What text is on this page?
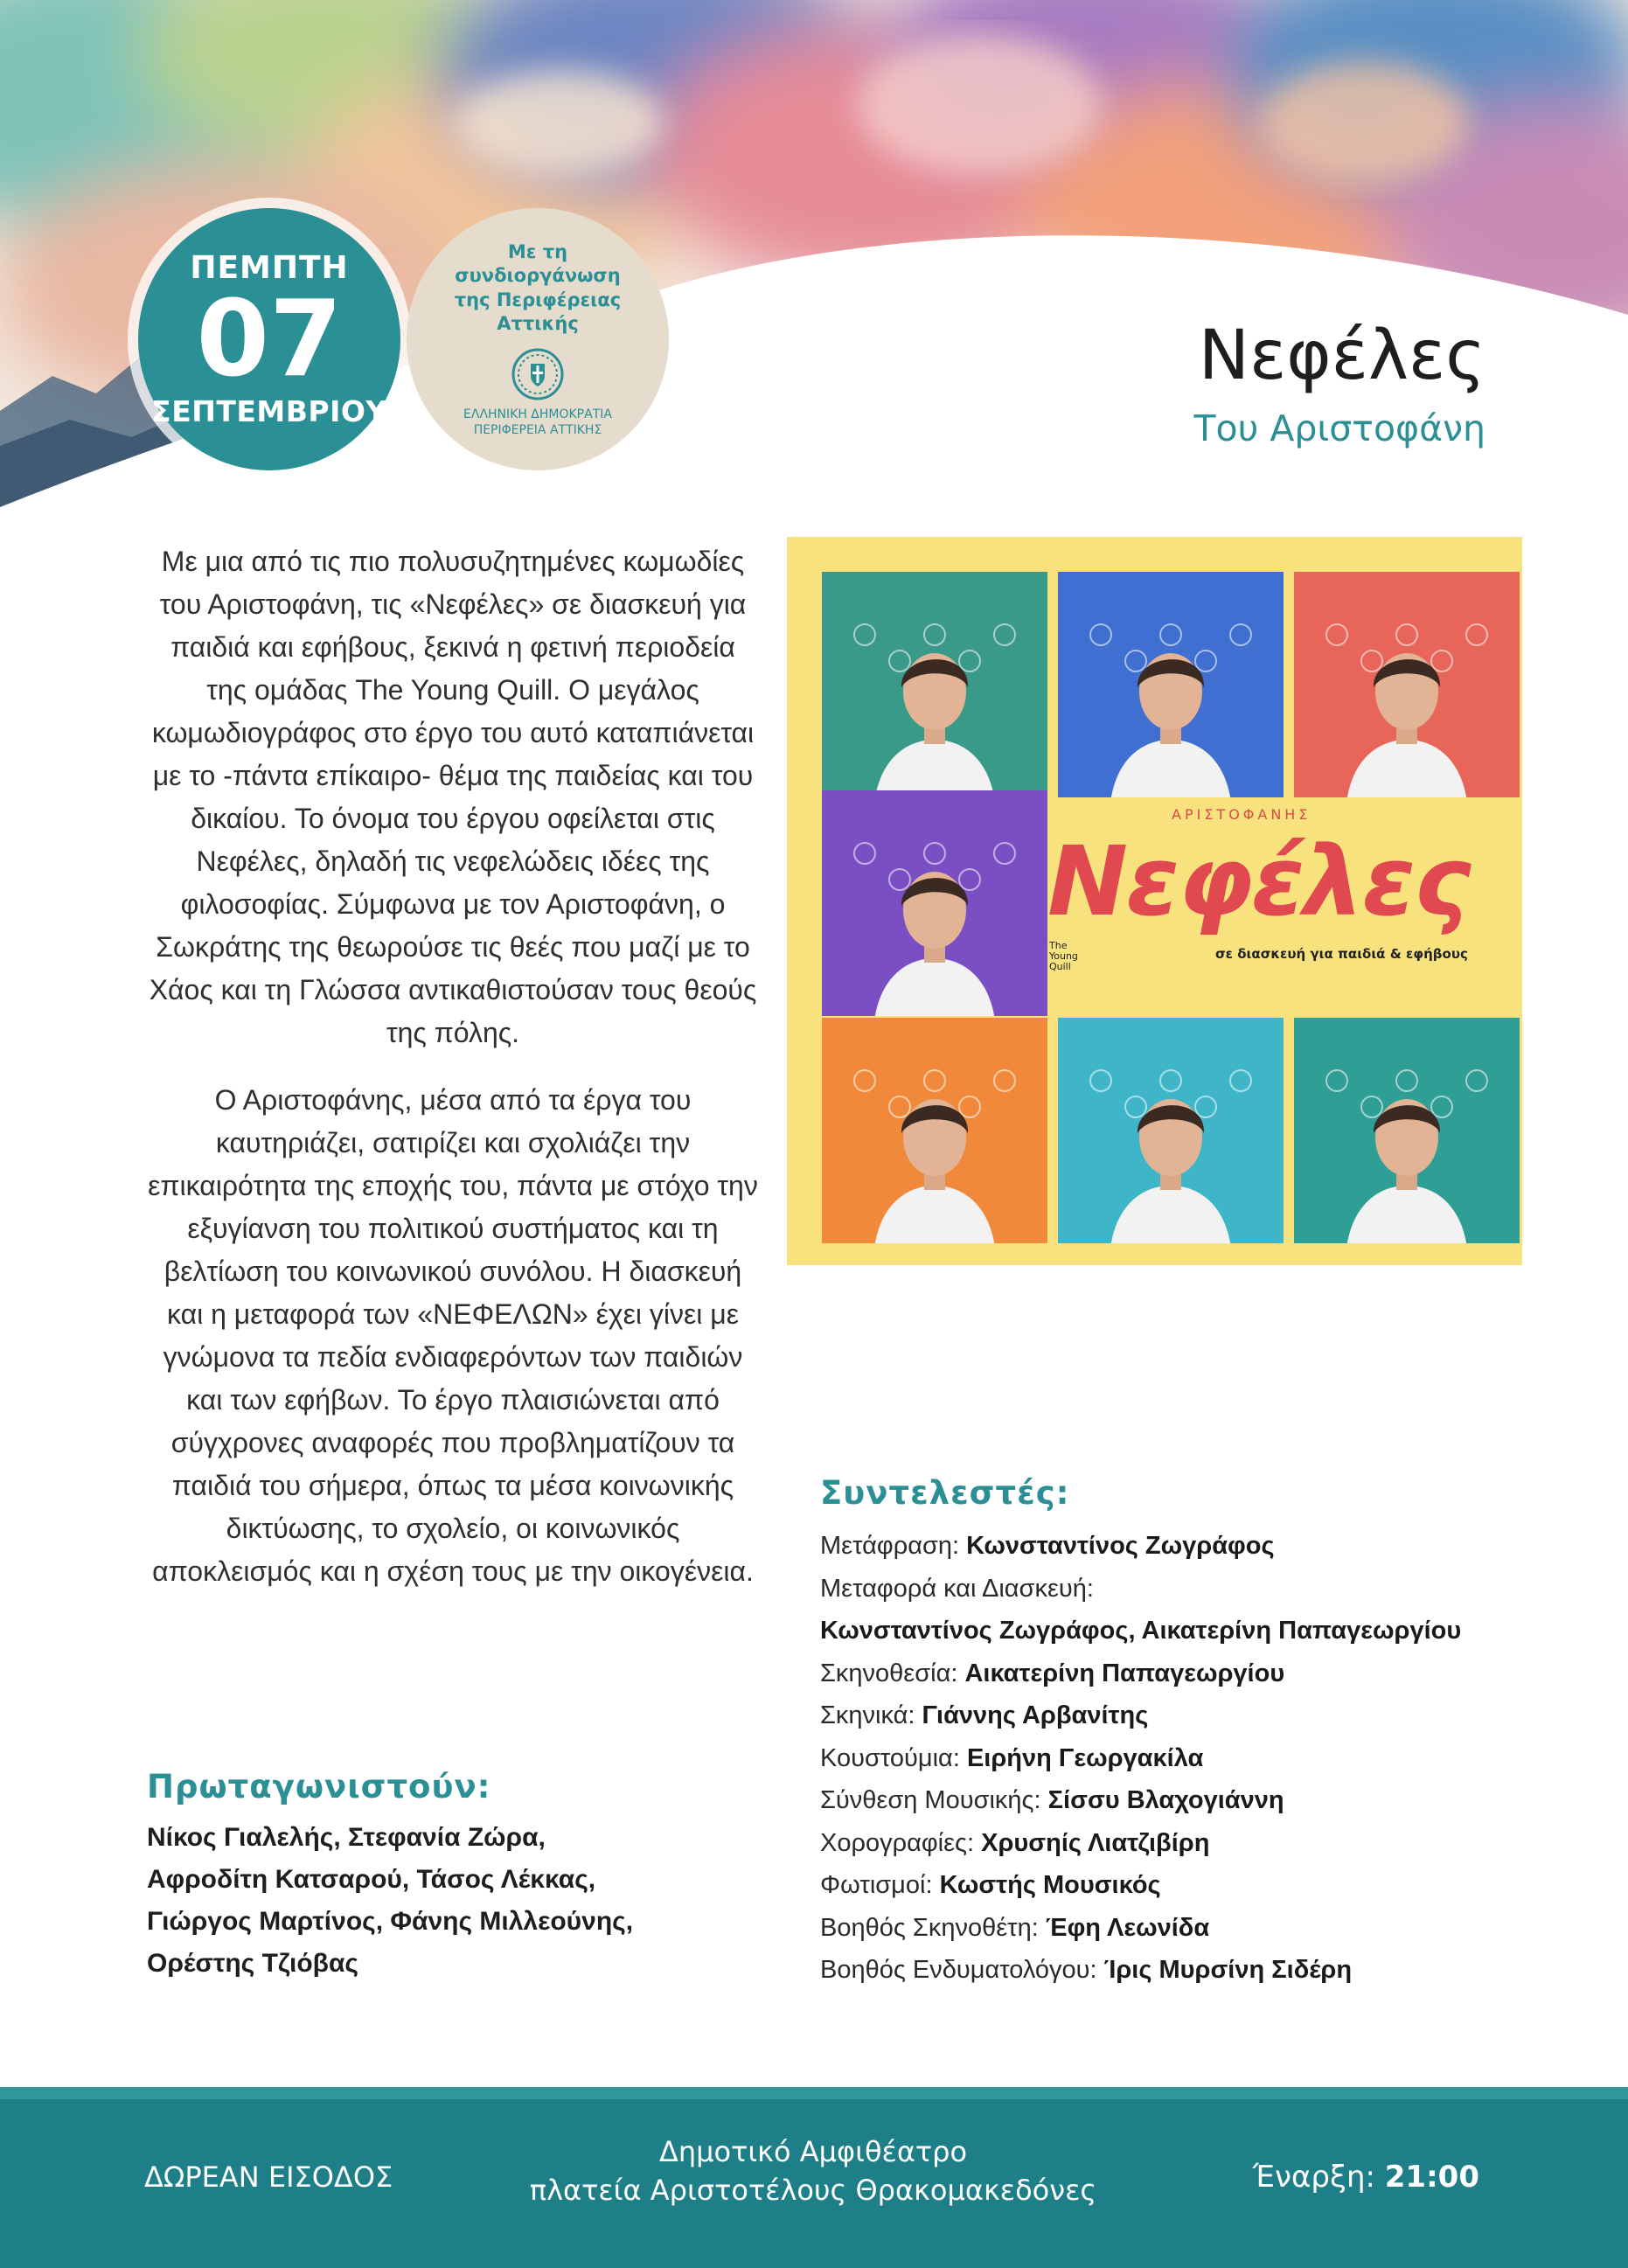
ΠΕΜΠΤΗ
07
ΣΕΠΤΕΜΒΡΙΟΥ
Με τη συνδιοργάνωση της Περιφέρειας Αττικής
ΕΛΛΗΝΙΚΗ ΔΗΜΟΚΡΑΤΙΑ
ΠΕΡΙΦΕΡΕΙΑ ΑΤΤΙΚΗΣ
Νεφέλες
Του Αριστοφάνη

Με μια από τις πιο πολυσυζητημένες κωμωδίες του Αριστοφάνη, τις «Νεφέλες» σε διασκευή για παιδιά και εφήβους, ξεκινά η φετινή περιοδεία της ομάδας The Young Quill. Ο μεγάλος κωμωδιογράφος στο έργο του αυτό καταπιάνεται με το -πάντα επίκαιρο- θέμα της παιδείας και του δικαίου. Το όνομα του έργου οφείλεται στις Νεφέλες, δηλαδή τις νεφελώδεις ιδέες της φιλοσοφίας. Σύμφωνα με τον Αριστοφάνη, ο Σωκράτης της θεωρούσε τις θεές που μαζί με το Χάος και τη Γλώσσα αντικαθιστούσαν τους θεούς της πόλης.

Ο Αριστοφάνης, μέσα από τα έργα του καυτηριάζει, σατιρίζει και σχολιάζει την επικαιρότητα της εποχής του, πάντα με στόχο την εξυγίανση του πολιτικού συστήματος και τη βελτίωση του κοινωνικού συνόλου. Η διασκευή και η μεταφορά των «ΝΕΦΕΛΩΝ» έχει γίνει με γνώμονα τα πεδία ενδιαφερόντων των παιδιών και των εφήβων. Το έργο πλαισιώνεται από σύγχρονες αναφορές που προβληματίζουν τα παιδιά του σήμερα, όπως τα μέσα κοινωνικής δικτύωσης, το σχολείο, οι κοινωνικός αποκλεισμός και η σχέση τους με την οικογένεια.

ΑΡΙΣΤΟΦΑΝΗΣ
Νεφέλες
σε διασκευή για παιδιά & εφήβους
The Young Quill
Συντελεστές:
Μετάφραση: Κωνσταντίνος Ζωγράφος
Μεταφορά και Διασκευή:
Κωνσταντίνος Ζωγράφος, Αικατερίνη Παπαγεωργίου
Σκηνοθεσία: Αικατερίνη Παπαγεωργίου
Σκηνικά: Γιάννης Αρβανίτης
Κουστούμια: Ειρήνη Γεωργακίλα
Σύνθεση Μουσικής: Σίσσυ Βλαχογιάννη
Χορογραφίες: Χρυσηίς Λιατζιβίρη
Φωτισμοί: Κωστής Μουσικός
Βοηθός Σκηνοθέτη: Έφη Λεωνίδα
Βοηθός Ενδυματολόγου: Ίρις Μυρσίνη Σιδέρη
Πρωταγωνιστούν:
Νίκος Γιαλελής, Στεφανία Ζώρα,
Αφροδίτη Κατσαρού, Τάσος Λέκκας,
Γιώργος Μαρτίνος, Φάνης Μιλλεούνης,
Ορέστης Τζιόβας
ΔΩΡΕΑΝ ΕΙΣΟΔΟΣ
Δημοτικό Αμφιθέατρο
πλατεία Αριστοτέλους Θρακομακεδόνες	Έναρξη: 21:00
